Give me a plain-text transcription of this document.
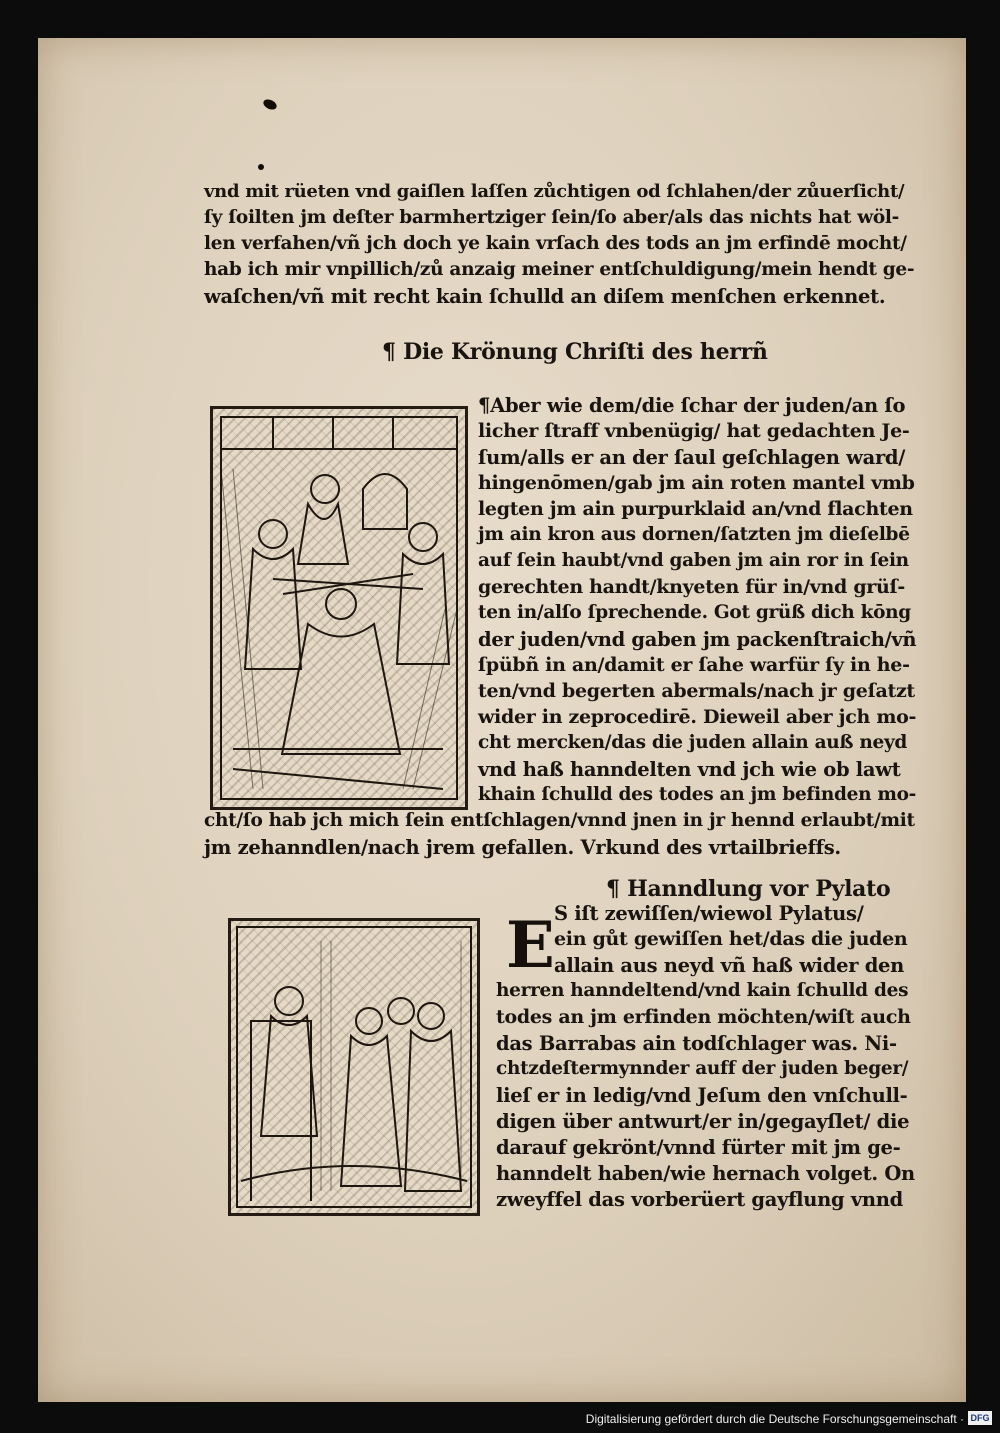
vnd mit rüeten vnd gaiſlen laſſen zůchtigen od ſchlahen/der zůuerſicht/
ſy ſoilten jm deſter barmhertziger ſein/ſo aber/als das nichts hat wöl-
len verfahen/vñ jch doch ye kain vrſach des tods an jm erfindē mocht/
hab ich mir vnpillich/zů anzaig meiner entſchuldigung/mein hendt ge-
waſchen/vñ mit recht kain ſchulld an diſem menſchen erkennet.
¶ Die Krönung Chriſti des herrñ
¶Aber wie dem/die ſchar der juden/an ſo
licher ſtraff vnbenügig/ hat gedachten Je-
ſum/alls er an der ſaul geſchlagen ward/
hingenōmen/gab jm ain roten mantel vmb
legten jm ain purpurklaid an/vnd flachten
jm ain kron aus dornen/ſatzten jm dieſelbē
auf ſein haubt/vnd gaben jm ain ror in ſein
gerechten handt/knyeten für in/vnd grüſ-
ten in/alſo ſprechende. Got grüß dich kōng
der juden/vnd gaben jm packenſtraich/vñ
ſpübñ in an/damit er ſahe warfür ſy in he-
ten/vnd begerten abermals/nach jr geſatzt
wider in zeprocedirē. Dieweil aber jch mo-
cht mercken/das die juden allain auß neyd
vnd haß hanndelten vnd jch wie ob lawt
khain ſchulld des todes an jm befinden mo-
cht/ſo hab jch mich ſein entſchlagen/vnnd jnen in jr hennd erlaubt/mit
jm zehanndlen/nach jrem gefallen. Vrkund des vrtailbrieffs.
¶ Hanndlung vor Pylato
E S iſt zewiſſen/wiewol Pylatus/
ein gůt gewiſſen het/das die juden
allain aus neyd vñ haß wider den
herren hanndeltend/vnd kain ſchulld des
todes an jm erfinden möchten/wiſt auch
das Barrabas ain todſchlager was. Ni-
chtzdeſtermynnder auff der juden beger/
lieſ er in ledig/vnd Jeſum den vnſchull-
digen über antwurt/er in/gegayſlet/ die
darauf gekrönt/vnnd fürter mit jm ge-
hanndelt haben/wie hernach volget. On
zweyffel das vorberüert gayflung vnnd
Digitalisierung gefördert durch die Deutsche Forschungsgemeinschaft · DFG
